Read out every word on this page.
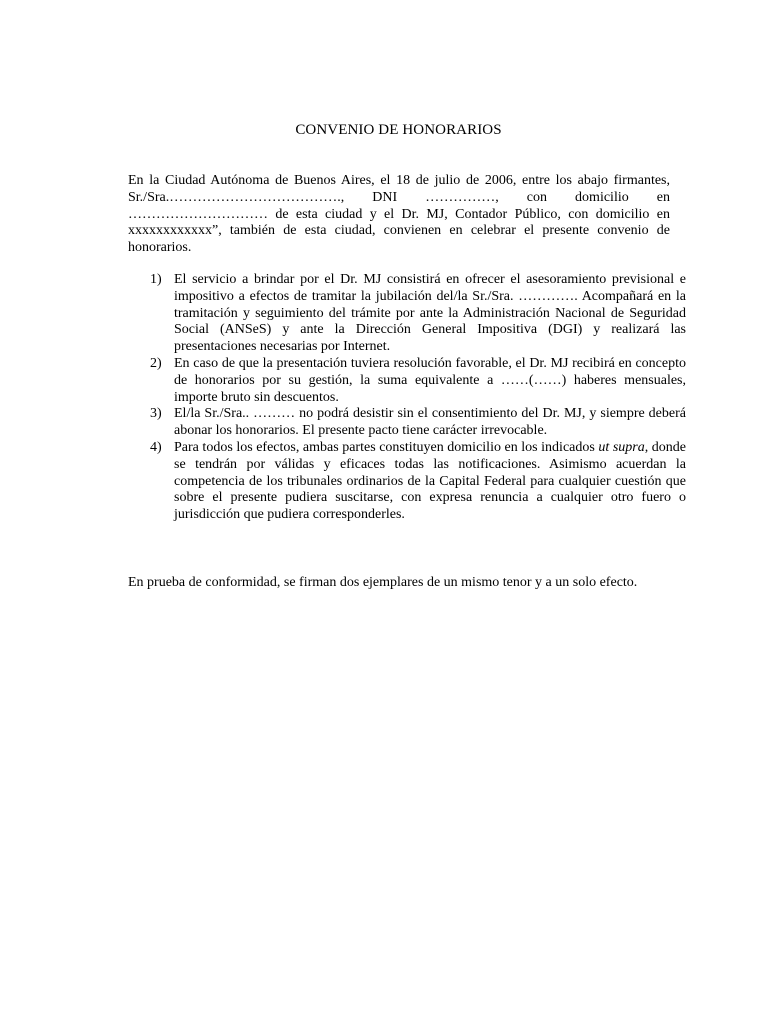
CONVENIO DE HONORARIOS

En la Ciudad Autónoma de Buenos Aires, el 18 de julio de 2006, entre los abajo firmantes, Sr./Sra.………………………………., DNI ……………, con domicilio en ………………………… de esta ciudad y el Dr. MJ, Contador Público, con domicilio en xxxxxxxxxxxx”, también de esta ciudad, convienen en celebrar el presente convenio de honorarios.

1) El servicio a brindar por el Dr. MJ consistirá en ofrecer el asesoramiento previsional e impositivo a efectos de tramitar la jubilación del/la Sr./Sra. …………. Acompañará en la tramitación y seguimiento del trámite por ante la Administración Nacional de Seguridad Social (ANSeS) y ante la Dirección General Impositiva (DGI) y realizará las presentaciones necesarias por Internet.
2) En caso de que la presentación tuviera resolución favorable, el Dr. MJ recibirá en concepto de honorarios por su gestión, la suma equivalente a ……(……) haberes mensuales, importe bruto sin descuentos.
3) El/la Sr./Sra.. ……… no podrá desistir sin el consentimiento del Dr. MJ, y siempre deberá abonar los honorarios. El presente pacto tiene carácter irrevocable.
4) Para todos los efectos, ambas partes constituyen domicilio en los indicados ut supra, donde se tendrán por válidas y eficaces todas las notificaciones. Asimismo acuerdan la competencia de los tribunales ordinarios de la Capital Federal para cualquier cuestión que sobre el presente pudiera suscitarse, con expresa renuncia a cualquier otro fuero o jurisdicción que pudiera corresponderles.

En prueba de conformidad, se firman dos ejemplares de un mismo tenor y a un solo efecto.
